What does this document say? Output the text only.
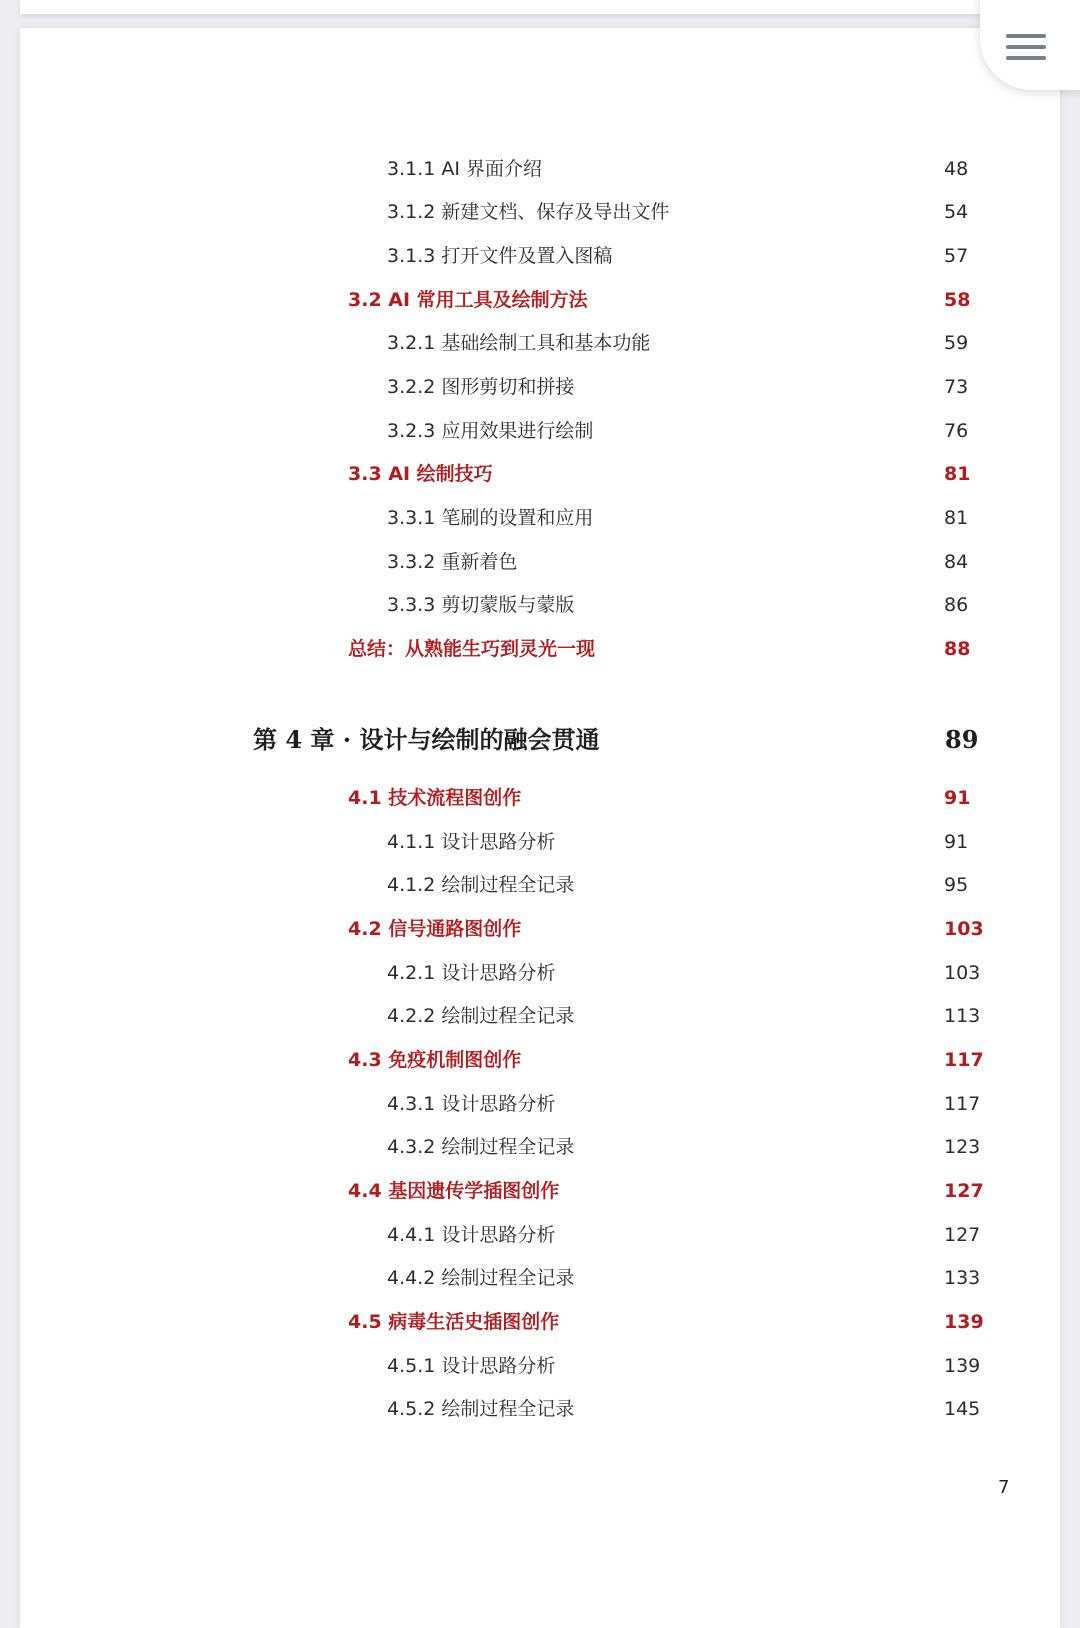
3.1.1 AI 界面介绍	48
3.1.2 新建文档、保存及导出文件	54
3.1.3 打开文件及置入图稿	57
3.2 AI 常用工具及绘制方法	58
3.2.1 基础绘制工具和基本功能	59
3.2.2 图形剪切和拼接	73
3.2.3 应用效果进行绘制	76
3.3 AI 绘制技巧	81
3.3.1 笔刷的设置和应用	81
3.3.2 重新着色	84
3.3.3 剪切蒙版与蒙版	86
总结：从熟能生巧到灵光一现	88
第 4 章 · 设计与绘制的融会贯通	89
4.1 技术流程图创作	91
4.1.1 设计思路分析	91
4.1.2 绘制过程全记录	95
4.2 信号通路图创作	103
4.2.1 设计思路分析	103
4.2.2 绘制过程全记录	113
4.3 免疫机制图创作	117
4.3.1 设计思路分析	117
4.3.2 绘制过程全记录	123
4.4 基因遗传学插图创作	127
4.4.1 设计思路分析	127
4.4.2 绘制过程全记录	133
4.5 病毒生活史插图创作	139
4.5.1 设计思路分析	139
4.5.2 绘制过程全记录	145
7
